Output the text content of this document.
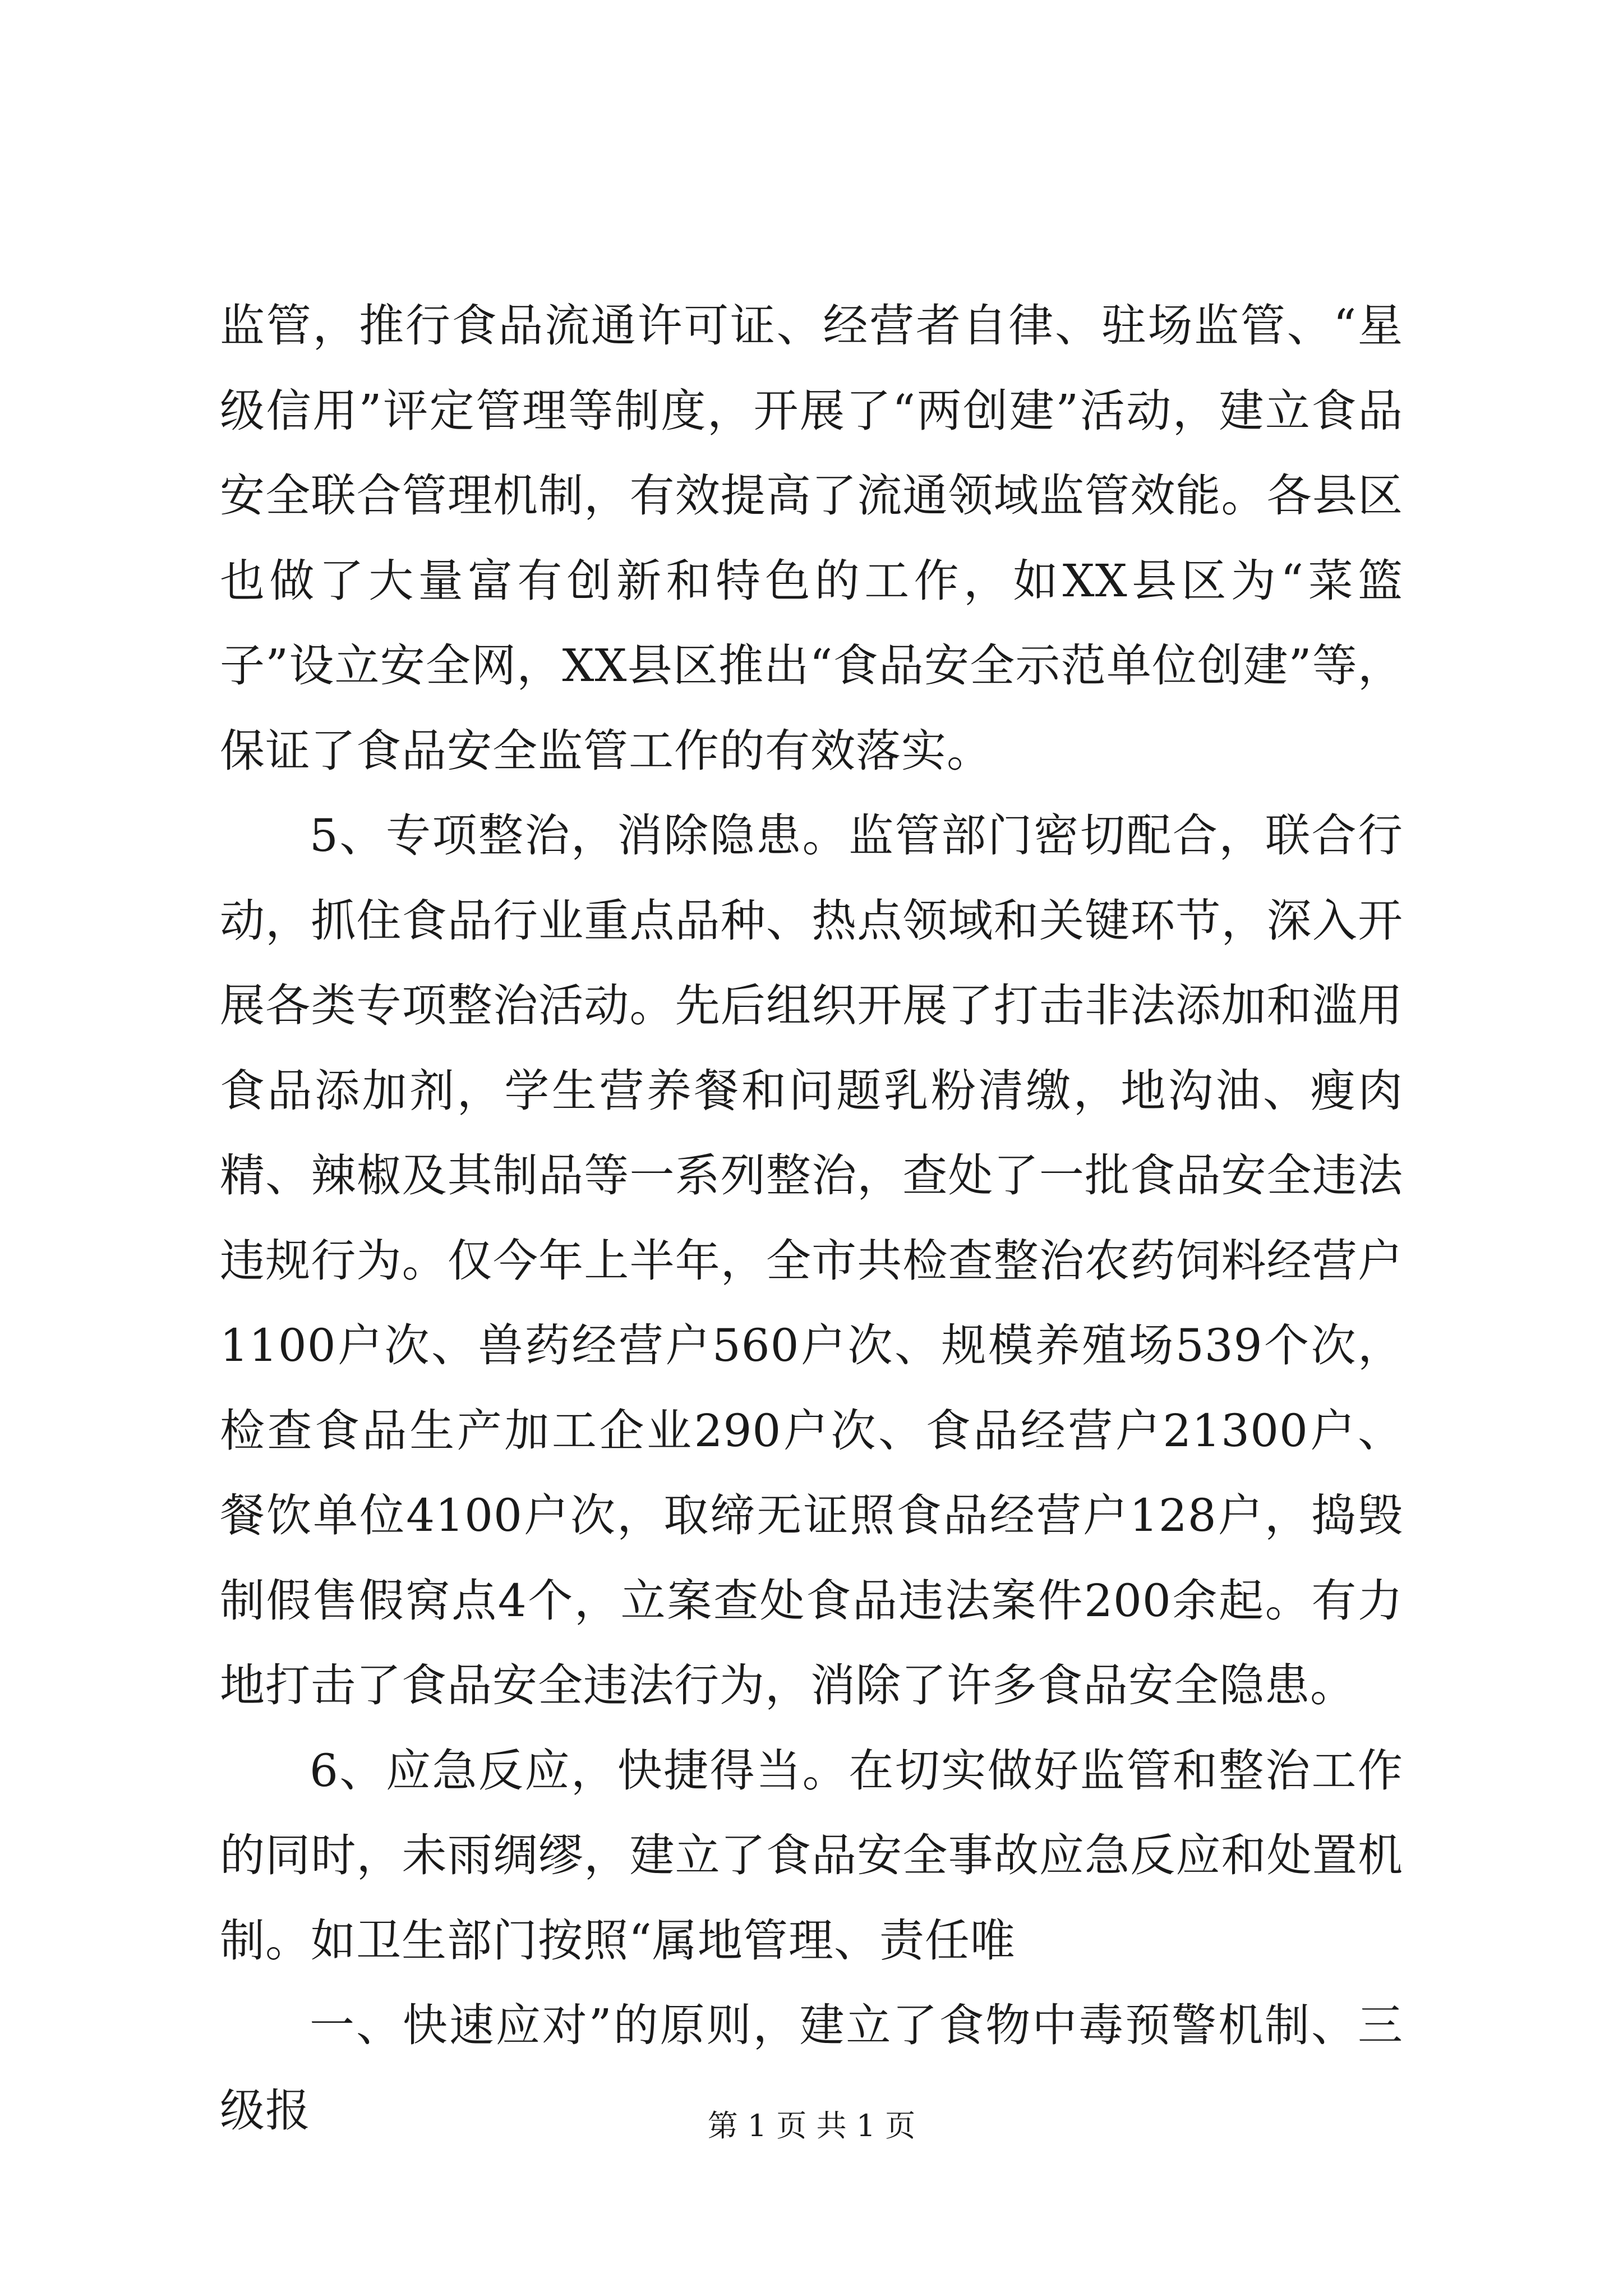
监管，推行食品流通许可证、经营者自律、驻场监管、“星级信用”评定管理等制度，开展了“两创建”活动，建立食品安全联合管理机制，有效提高了流通领域监管效能。各县区也做了大量富有创新和特色的工作，如XX县区为“菜篮子”设立安全网，XX县区推出“食品安全示范单位创建”等，保证了食品安全监管工作的有效落实。

5、专项整治，消除隐患。监管部门密切配合，联合行动，抓住食品行业重点品种、热点领域和关键环节，深入开展各类专项整治活动。先后组织开展了打击非法添加和滥用食品添加剂，学生营养餐和问题乳粉清缴，地沟油、瘦肉精、辣椒及其制品等一系列整治，查处了一批食品安全违法违规行为。仅今年上半年，全市共检查整治农药饲料经营户1100户次、兽药经营户560户次、规模养殖场539个次，检查食品生产加工企业290户次、食品经营户21300户、餐饮单位4100户次，取缔无证照食品经营户128户，捣毁制假售假窝点4个，立案查处食品违法案件200余起。有力地打击了食品安全违法行为，消除了许多食品安全隐患。

6、应急反应，快捷得当。在切实做好监管和整治工作的同时，未雨绸缪，建立了食品安全事故应急反应和处置机制。如卫生部门按照“属地管理、责任唯

一、快速应对”的原则，建立了食物中毒预警机制、三级报	第 1 页 共 1 页
